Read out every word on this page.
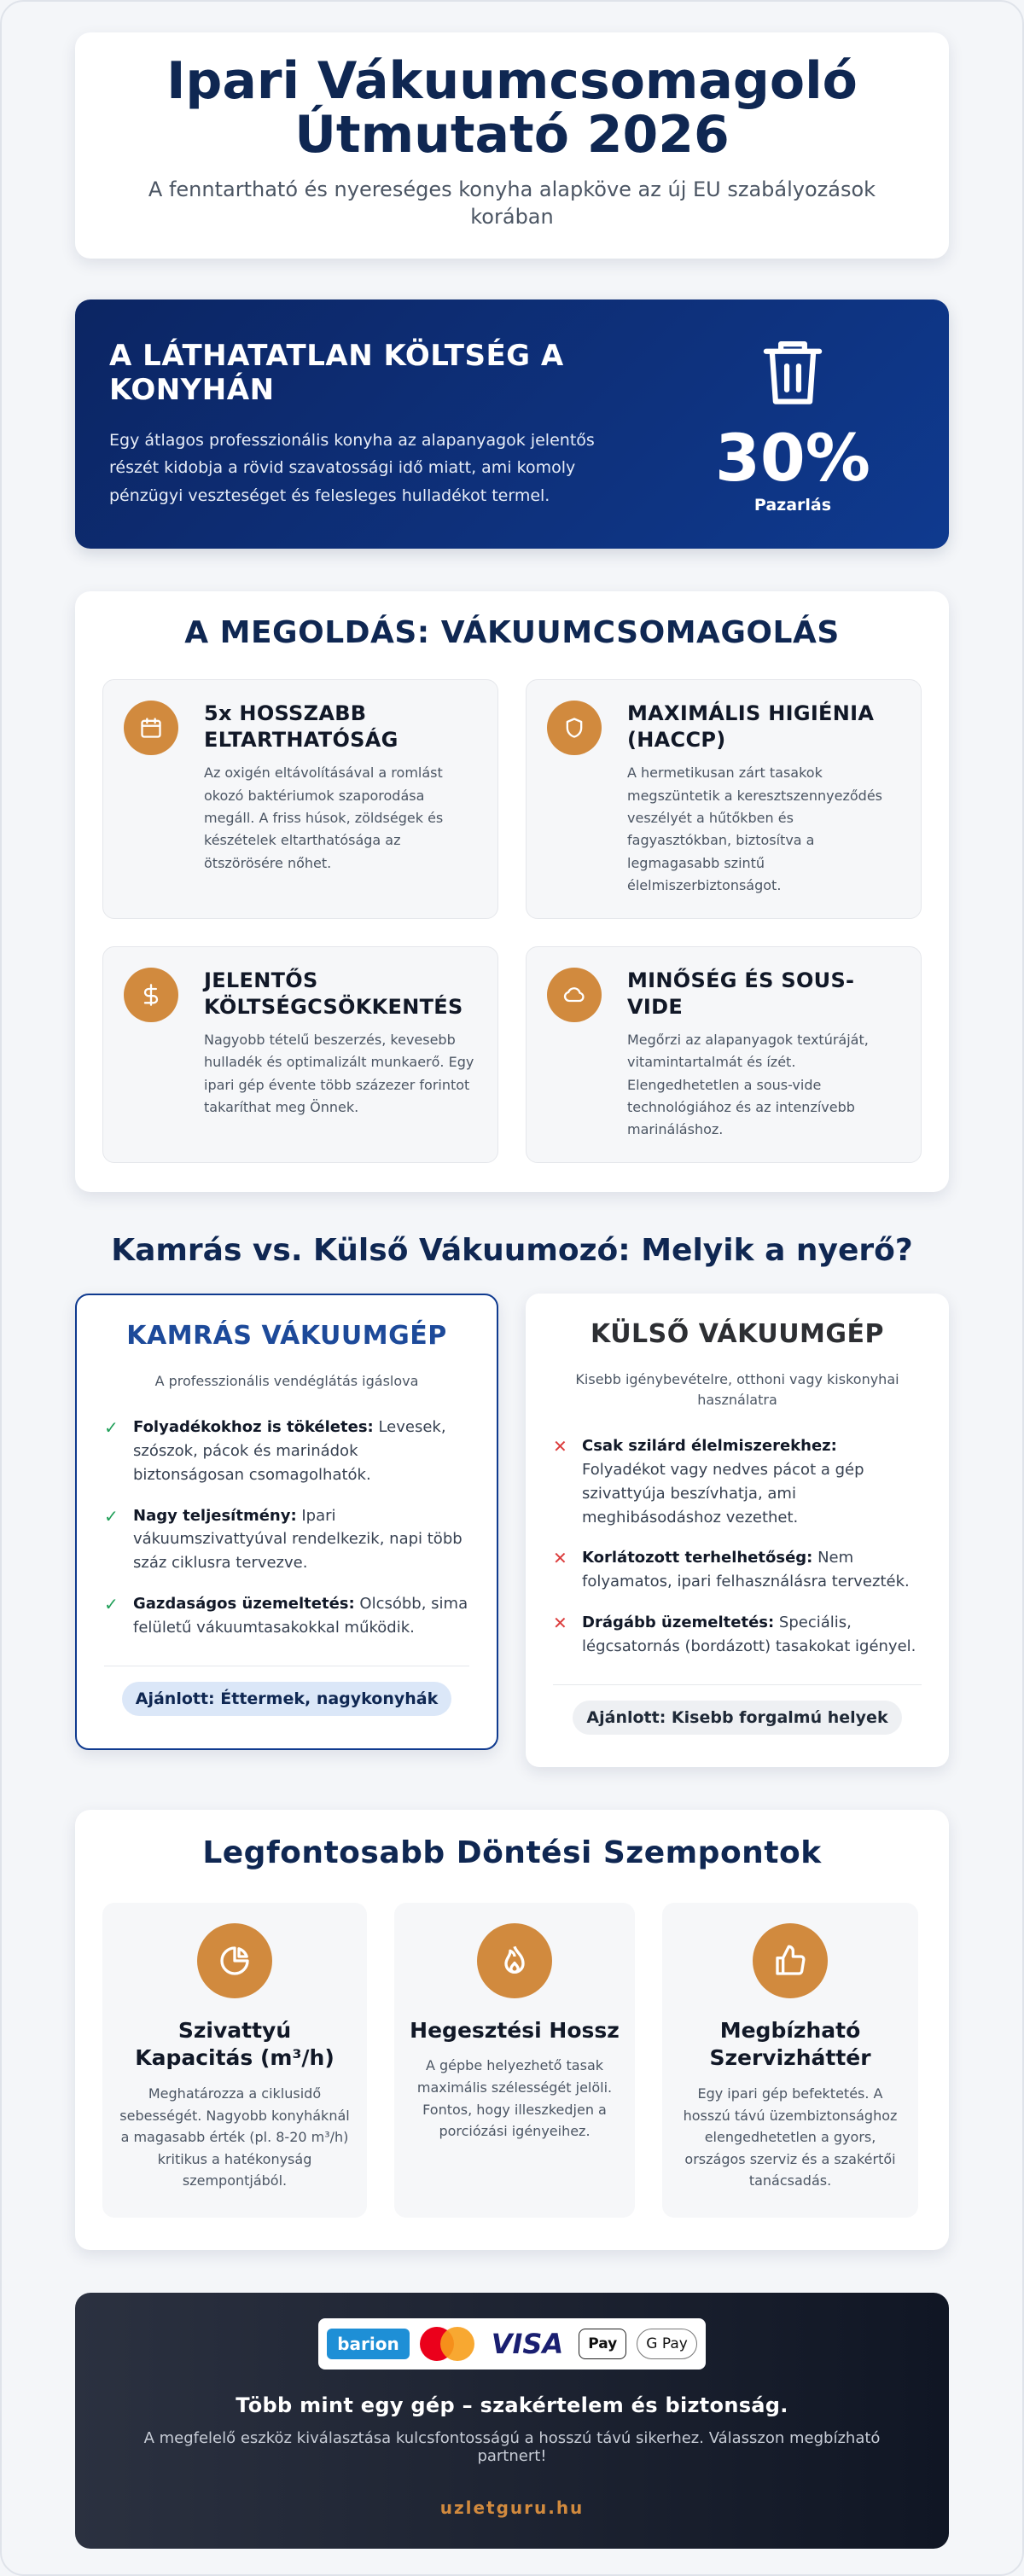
Ipari Vákuumcsomagoló Útmutató 2026

A fenntartható és nyereséges konyha alapköve az új EU szabályozások korában

A LÁTHATATLAN KÖLTSÉG A KONYHÁN

Egy átlagos professzionális konyha az alapanyagok jelentős részét kidobja a rövid szavatossági idő miatt, ami komoly pénzügyi veszteséget és felesleges hulladékot termel.	30%
Pazarlás
A MEGOLDÁS: VÁKUUMCSOMAGOLÁS
5x HOSSZABB ELTARTHATÓSÁG

Az oxigén eltávolításával a romlást okozó baktériumok szaporodása megáll. A friss húsok, zöldségek és készételek eltarthatósága az ötszörösére nőhet.

MAXIMÁLIS HIGIÉNIA (HACCP)

A hermetikusan zárt tasakok megszüntetik a keresztszennyeződés veszélyét a hűtőkben és fagyasztókban, biztosítva a legmagasabb szintű élelmiszerbiztonságot.

JELENTŐS KÖLTSÉGCSÖKKENTÉS

Nagyobb tételű beszerzés, kevesebb hulladék és optimalizált munkaerő. Egy ipari gép évente több százezer forintot takaríthat meg Önnek.

MINŐSÉG ÉS SOUS-VIDE

Megőrzi az alapanyagok textúráját, vitamintartalmát és ízét. Elengedhetetlen a sous-vide technológiához és az intenzívebb marináláshoz.

Kamrás vs. Külső Vákuumozó: Melyik a nyerő?
KAMRÁS VÁKUUMGÉP
A professzionális vendéglátás igáslova
✓ Folyadékokhoz is tökéletes: Levesek, szószok, pácok és marinádok biztonságosan csomagolhatók.
✓ Nagy teljesítmény: Ipari vákuumszivattyúval rendelkezik, napi több száz ciklusra tervezve.
✓ Gazdaságos üzemeltetés: Olcsóbb, sima felületű vákuumtasakokkal működik.
Ajánlott: Éttermek, nagykonyhák
KÜLSŐ VÁKUUMGÉP
Kisebb igénybevételre, otthoni vagy kiskonyhai használatra
✕ Csak szilárd élelmiszerekhez: Folyadékot vagy nedves pácot a gép szivattyúja beszívhatja, ami meghibásodáshoz vezethet.
✕ Korlátozott terhelhetőség: Nem folyamatos, ipari felhasználásra tervezték.
✕ Drágább üzemeltetés: Speciális, légcsatornás (bordázott) tasakokat igényel.
Ajánlott: Kisebb forgalmú helyek
Legfontosabb Döntési Szempontok
Szivattyú Kapacitás (m³/h)

Meghatározza a ciklusidő sebességét. Nagyobb konyháknál a magasabb érték (pl. 8-20 m³/h) kritikus a hatékonyság szempontjából.

Hegesztési Hossz

A gépbe helyezhető tasak maximális szélességét jelöli. Fontos, hogy illeszkedjen a porciózási igényeihez.

Megbízható Szervizháttér

Egy ipari gép befektetés. A hosszú távú üzembiztonsághoz elengedhetetlen a gyors, országos szerviz és a szakértői tanácsadás.

barion	VISA	Pay	G Pay
Több mint egy gép – szakértelem és biztonság.

A megfelelő eszköz kiválasztása kulcsfontosságú a hosszú távú sikerhez. Válasszon megbízható partnert!

uzletguru.hu
